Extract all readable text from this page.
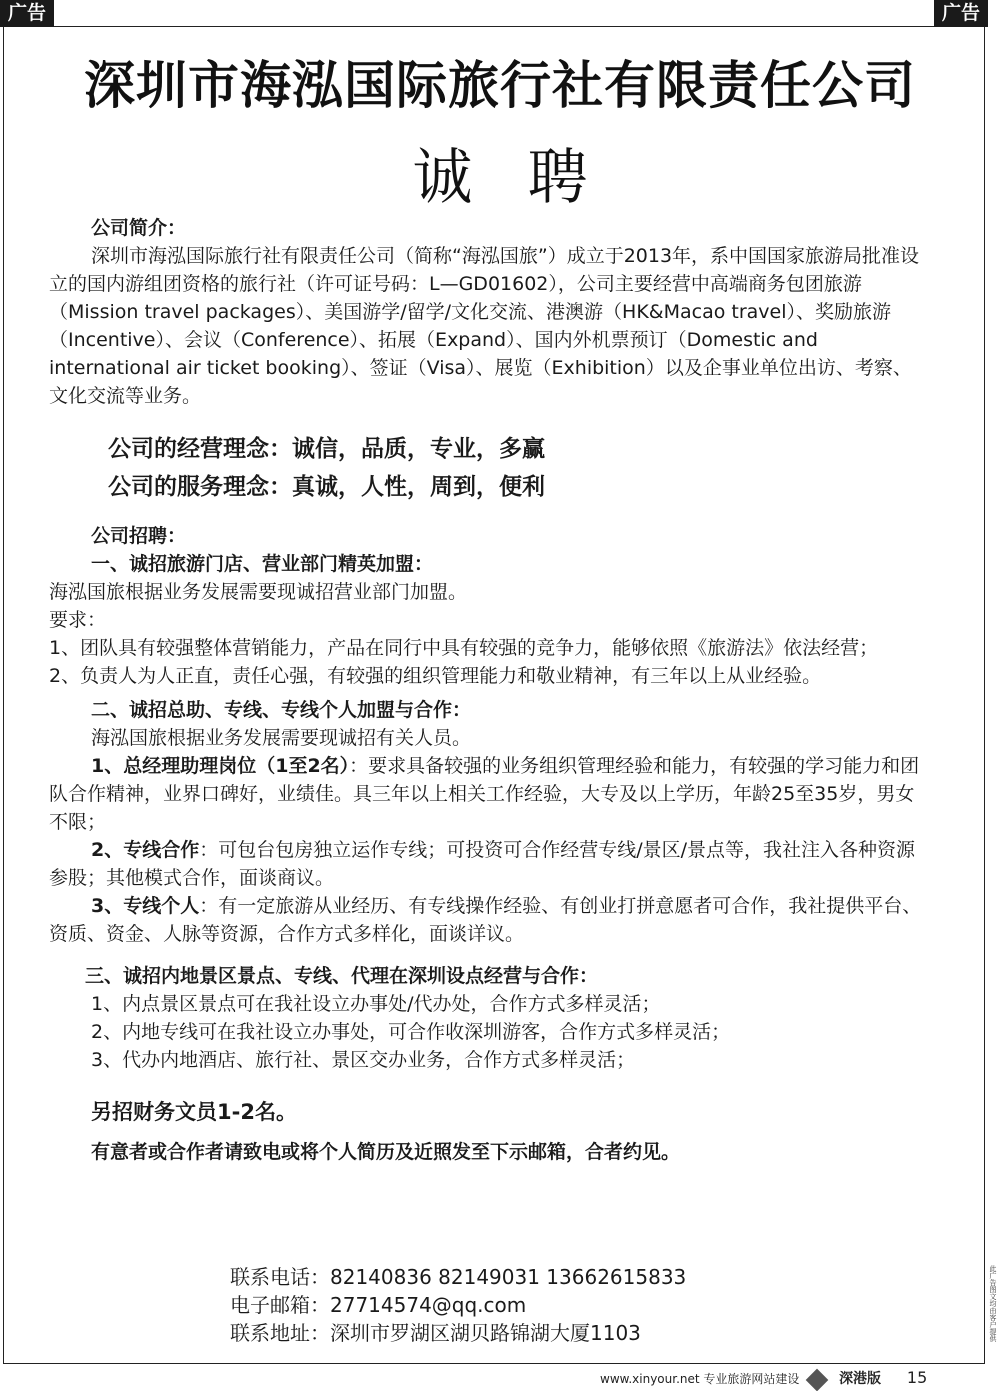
广告	广告
深圳市海泓国际旅行社有限责任公司
诚聘

公司简介：

深圳市海泓国际旅行社有限责任公司（简称“海泓国旅”）成立于2013年，系中国国家旅游局批准设立的国内游组团资格的旅行社（许可证号码：L—GD01602），公司主要经营中高端商务包团旅游（Mission travel packages）、美国游学/留学/文化交流、港澳游（HK&Macao travel）、奖励旅游（Incentive）、会议（Conference）、拓展（Expand）、国内外机票预订（Domestic and international air ticket booking）、签证（Visa）、展览（Exhibition）以及企事业单位出访、考察、文化交流等业务。

公司的经营理念：诚信，品质，专业，多赢
公司的服务理念：真诚，人性，周到，便利

公司招聘：

一、诚招旅游门店、营业部门精英加盟：

海泓国旅根据业务发展需要现诚招营业部门加盟。

要求：

1、团队具有较强整体营销能力，产品在同行中具有较强的竞争力，能够依照《旅游法》依法经营；

2、负责人为人正直，责任心强，有较强的组织管理能力和敬业精神，有三年以上从业经验。

二、诚招总助、专线、专线个人加盟与合作：

海泓国旅根据业务发展需要现诚招有关人员。

1、总经理助理岗位（1至2名）：要求具备较强的业务组织管理经验和能力，有较强的学习能力和团队合作精神，业界口碑好，业绩佳。具三年以上相关工作经验，大专及以上学历，年龄25至35岁，男女不限；

2、专线合作：可包台包房独立运作专线；可投资可合作经营专线/景区/景点等，我社注入各种资源参股；其他模式合作，面谈商议。

3、专线个人：有一定旅游从业经历、有专线操作经验、有创业打拼意愿者可合作，我社提供平台、资质、资金、人脉等资源，合作方式多样化，面谈详议。

三、诚招内地景区景点、专线、代理在深圳设点经营与合作：

1、内点景区景点可在我社设立办事处/代办处，合作方式多样灵活；

2、内地专线可在我社设立办事处，可合作收深圳游客，合作方式多样灵活；

3、代办内地酒店、旅行社、景区交办业务，合作方式多样灵活；

另招财务文员1-2名。

有意者或合作者请致电或将个人简历及近照发至下示邮箱，合者约见。

联系电话：82140836 82149031 13662615833
电子邮箱：27714574@qq.com
联系地址：深圳市罗湖区湖贝路锦湖大厦1103	此广告图文均由客户提供
www.xinyour.net 专业旅游网站建设	深港版 15
